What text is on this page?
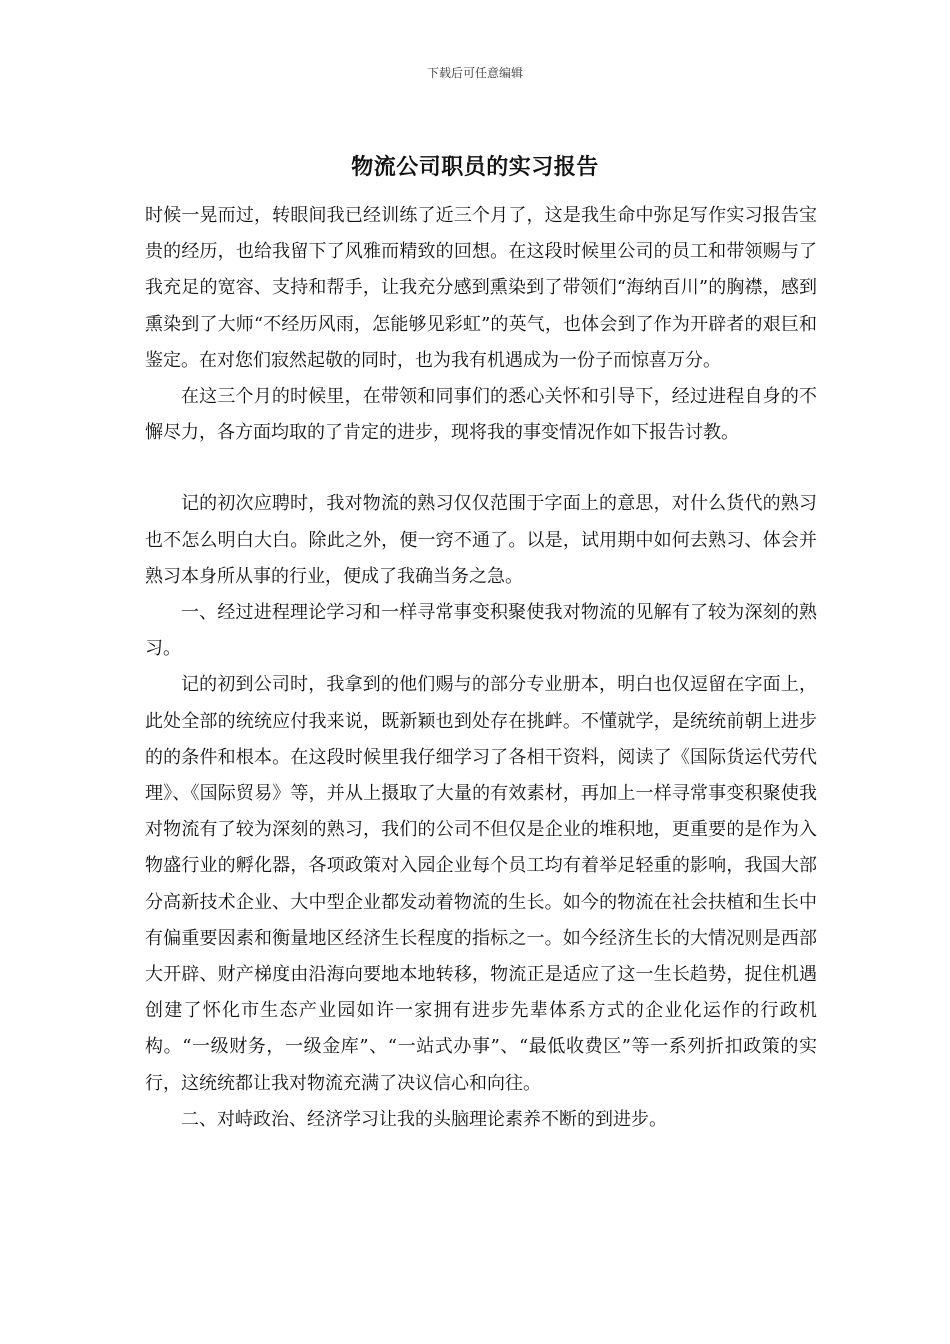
下载后可任意编辑
物流公司职员的实习报告

时候一晃而过，转眼间我已经训练了近三个月了，这是我生命中弥足写作实习报告宝贵的经历，也给我留下了风雅而精致的回想。在这段时候里公司的员工和带领赐与了我充足的宽容、支持和帮手，让我充分感到熏染到了带领们“海纳百川”的胸襟，感到熏染到了大师“不经历风雨，怎能够见彩虹”的英气，也体会到了作为开辟者的艰巨和鉴定。在对您们寂然起敬的同时，也为我有机遇成为一份子而惊喜万分。

在这三个月的时候里，在带领和同事们的悉心关怀和引导下，经过进程自身的不懈尽力，各方面均取的了肯定的进步，现将我的事变情况作如下报告讨教。

记的初次应聘时，我对物流的熟习仅仅范围于字面上的意思，对什么货代的熟习也不怎么明白大白。除此之外，便一窍不通了。以是，试用期中如何去熟习、体会并熟习本身所从事的行业，便成了我确当务之急。

一、经过进程理论学习和一样寻常事变积聚使我对物流的见解有了较为深刻的熟习。

记的初到公司时，我拿到的他们赐与的部分专业册本，明白也仅逗留在字面上，此处全部的统统应付我来说，既新颖也到处存在挑衅。不懂就学，是统统前朝上进步的的条件和根本。在这段时候里我仔细学习了各相干资料，阅读了《国际货运代劳代理》、《国际贸易》等，并从上摄取了大量的有效素材，再加上一样寻常事变积聚使我对物流有了较为深刻的熟习，我们的公司不但仅是企业的堆积地，更重要的是作为入物盛行业的孵化器，各项政策对入园企业每个员工均有着举足轻重的影响，我国大部分高新技术企业、大中型企业都发动着物流的生长。如今的物流在社会扶植和生长中有偏重要因素和衡量地区经济生长程度的指标之一。如今经济生长的大情况则是西部大开辟、财产梯度由沿海向要地本地转移，物流正是适应了这一生长趋势，捉住机遇创建了怀化市生态产业园如许一家拥有进步先辈体系方式的企业化运作的行政机构。“一级财务，一级金库”、“一站式办事”、“最低收费区”等一系列折扣政策的实行，这统统都让我对物流充满了决议信心和向往。

二、对峙政治、经济学习让我的头脑理论素养不断的到进步。
